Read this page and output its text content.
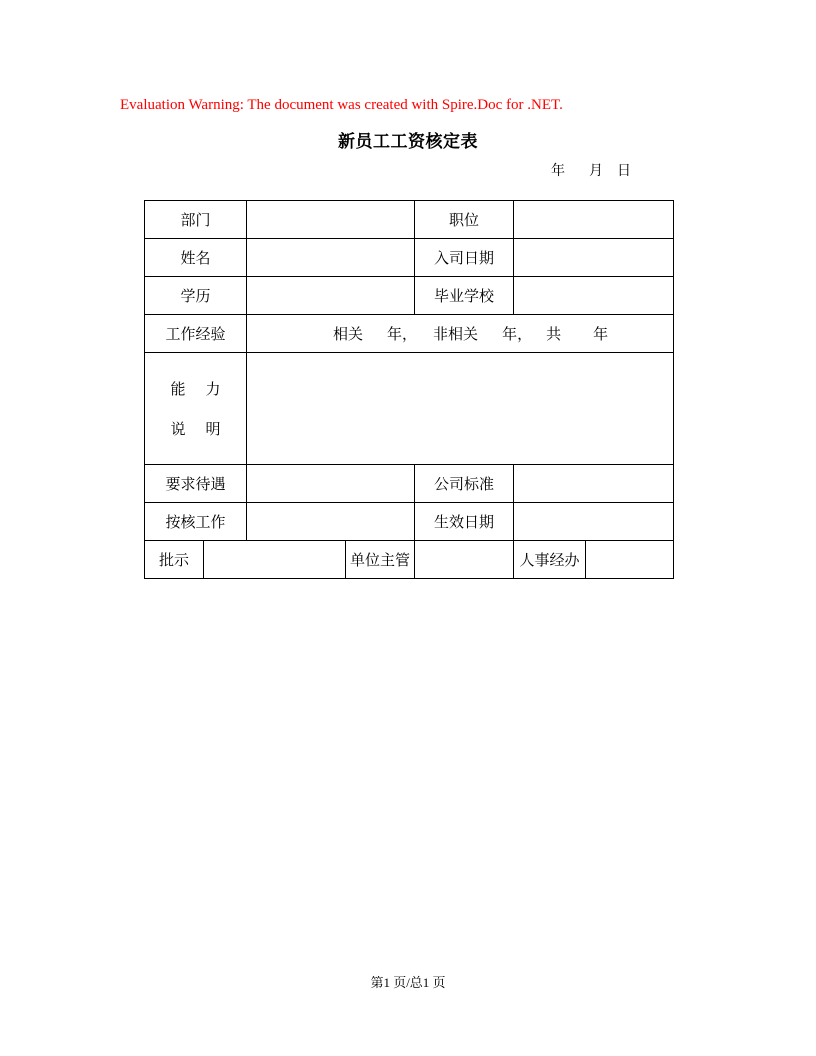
Evaluation Warning: The document was created with Spire.Doc for .NET.
新员工工资核定表
年 月 日
部门				职位	
姓名				入司日期	
学历				毕业学校	
工作经验		相关 年， 非相关 年， 共 年			

能 力
说 明					

要求待遇				公司标准	
按核工作				生效日期	
批示			单位主管		人事经办
第1 页/总1 页
